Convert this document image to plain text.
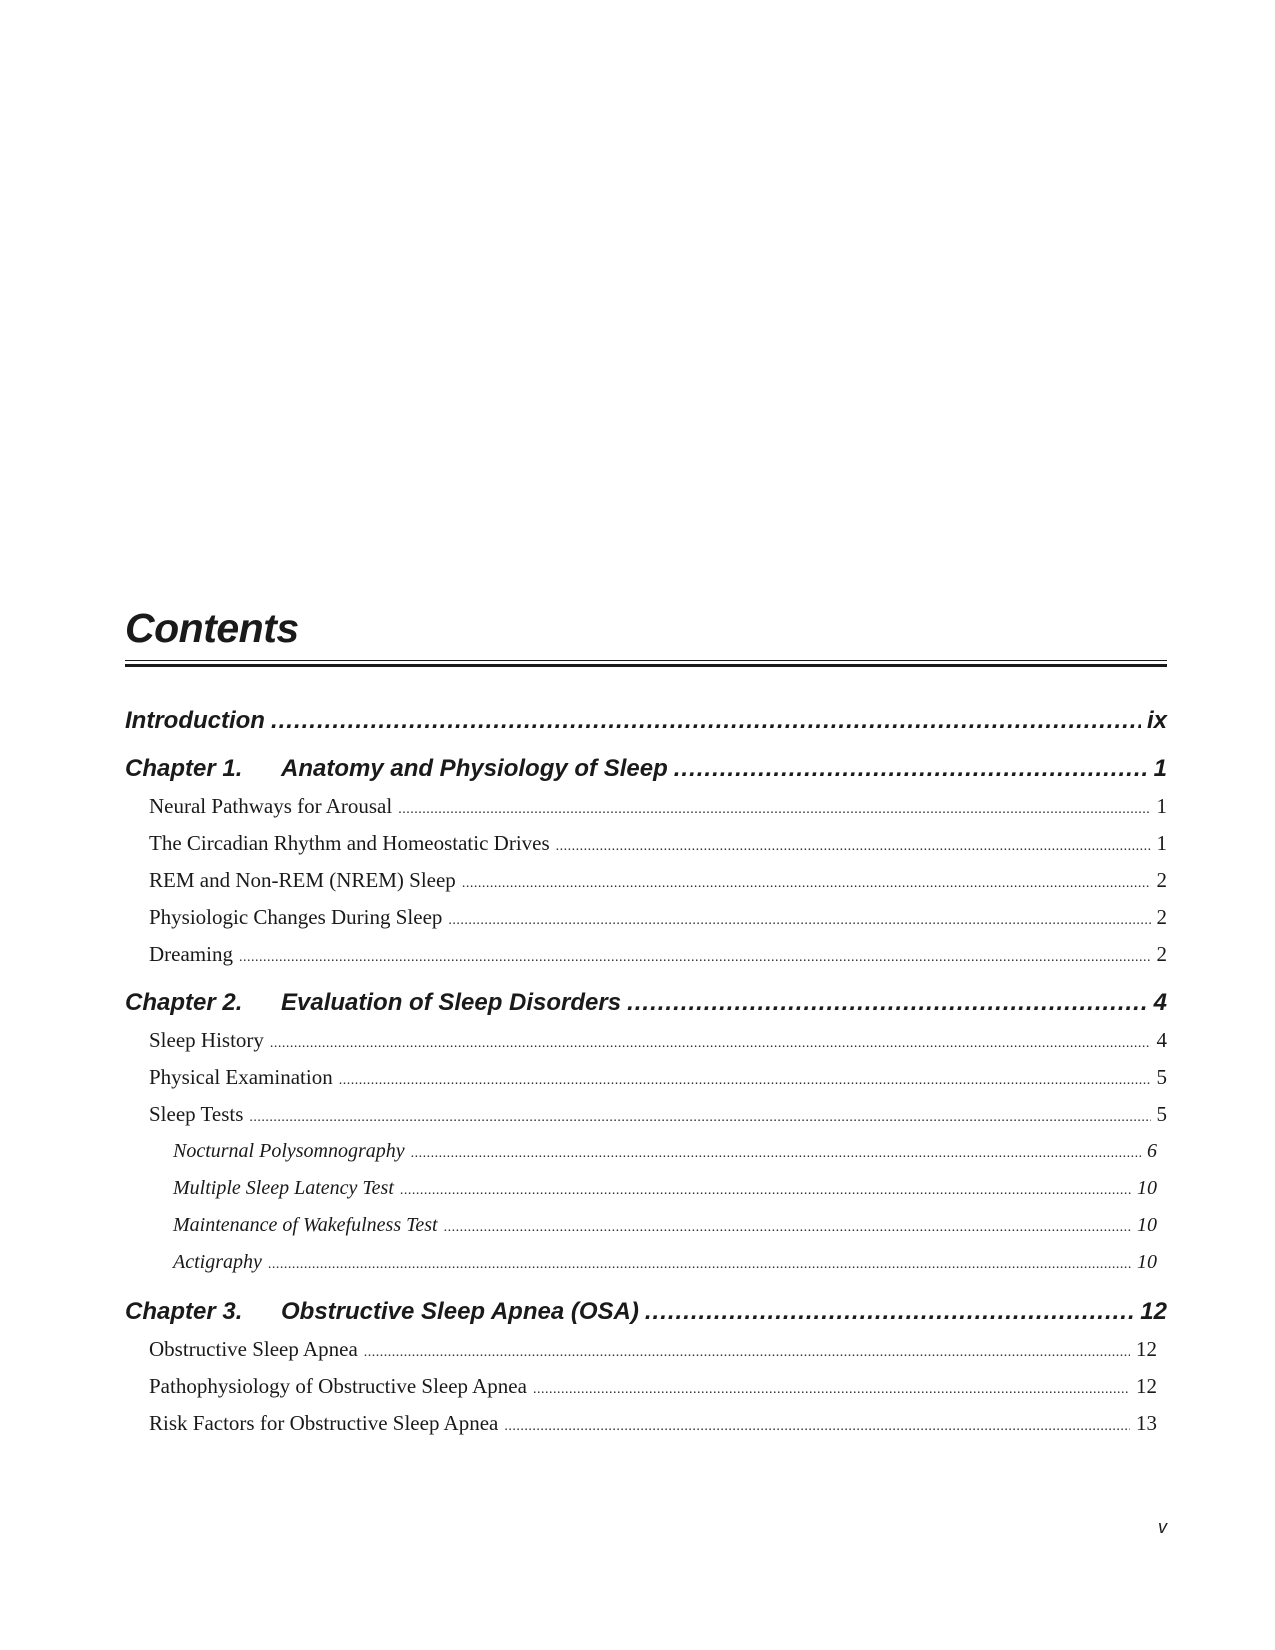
Contents
Introduction .....	ix
Chapter 1. Anatomy and Physiology of Sleep .....	1
Neural Pathways for Arousal .....	1
The Circadian Rhythm and Homeostatic Drives .....	1
REM and Non-REM (NREM) Sleep .....	2
Physiologic Changes During Sleep .....	2
Dreaming .....	2
Chapter 2. Evaluation of Sleep Disorders .....	4
Sleep History .....	4
Physical Examination .....	5
Sleep Tests .....	5
Nocturnal Polysomnography .....	6
Multiple Sleep Latency Test .....	10
Maintenance of Wakefulness Test .....	10
Actigraphy .....	10
Chapter 3. Obstructive Sleep Apnea (OSA) .....	12
Obstructive Sleep Apnea .....	12
Pathophysiology of Obstructive Sleep Apnea .....	12
Risk Factors for Obstructive Sleep Apnea .....	13
v
